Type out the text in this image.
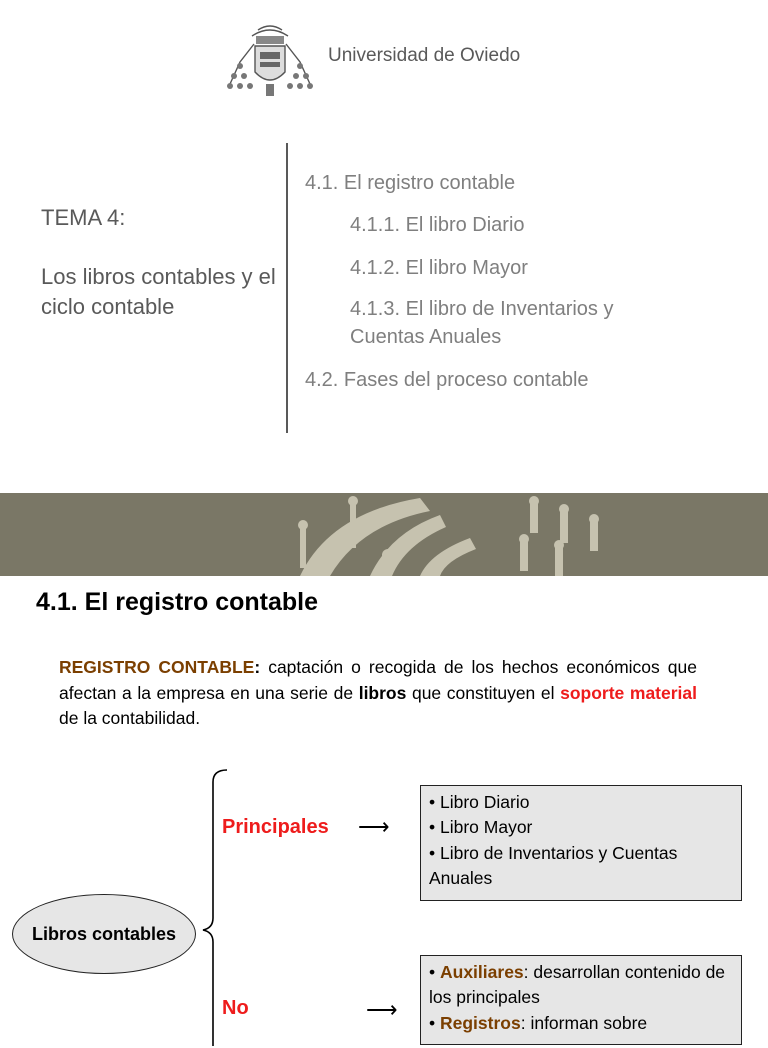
Universidad de Oviedo
TEMA 4:
Los libros contables y el ciclo contable
4.1. El registro contable
4.1.1. El libro Diario
4.1.2. El libro Mayor
4.1.3. El libro de Inventarios y Cuentas Anuales
4.2. Fases del proceso contable
4.1. El registro contable
REGISTRO CONTABLE: captación o recogida de los hechos económicos que afectan a la empresa en una serie de libros que constituyen el soporte material de la contabilidad.
Libros contables
Principales ⟶
• Libro Diario
• Libro Mayor
• Libro de Inventarios y Cuentas Anuales
No	⟶
• Auxiliares: desarrollan contenido de los principales
• Registros: informan sobre
